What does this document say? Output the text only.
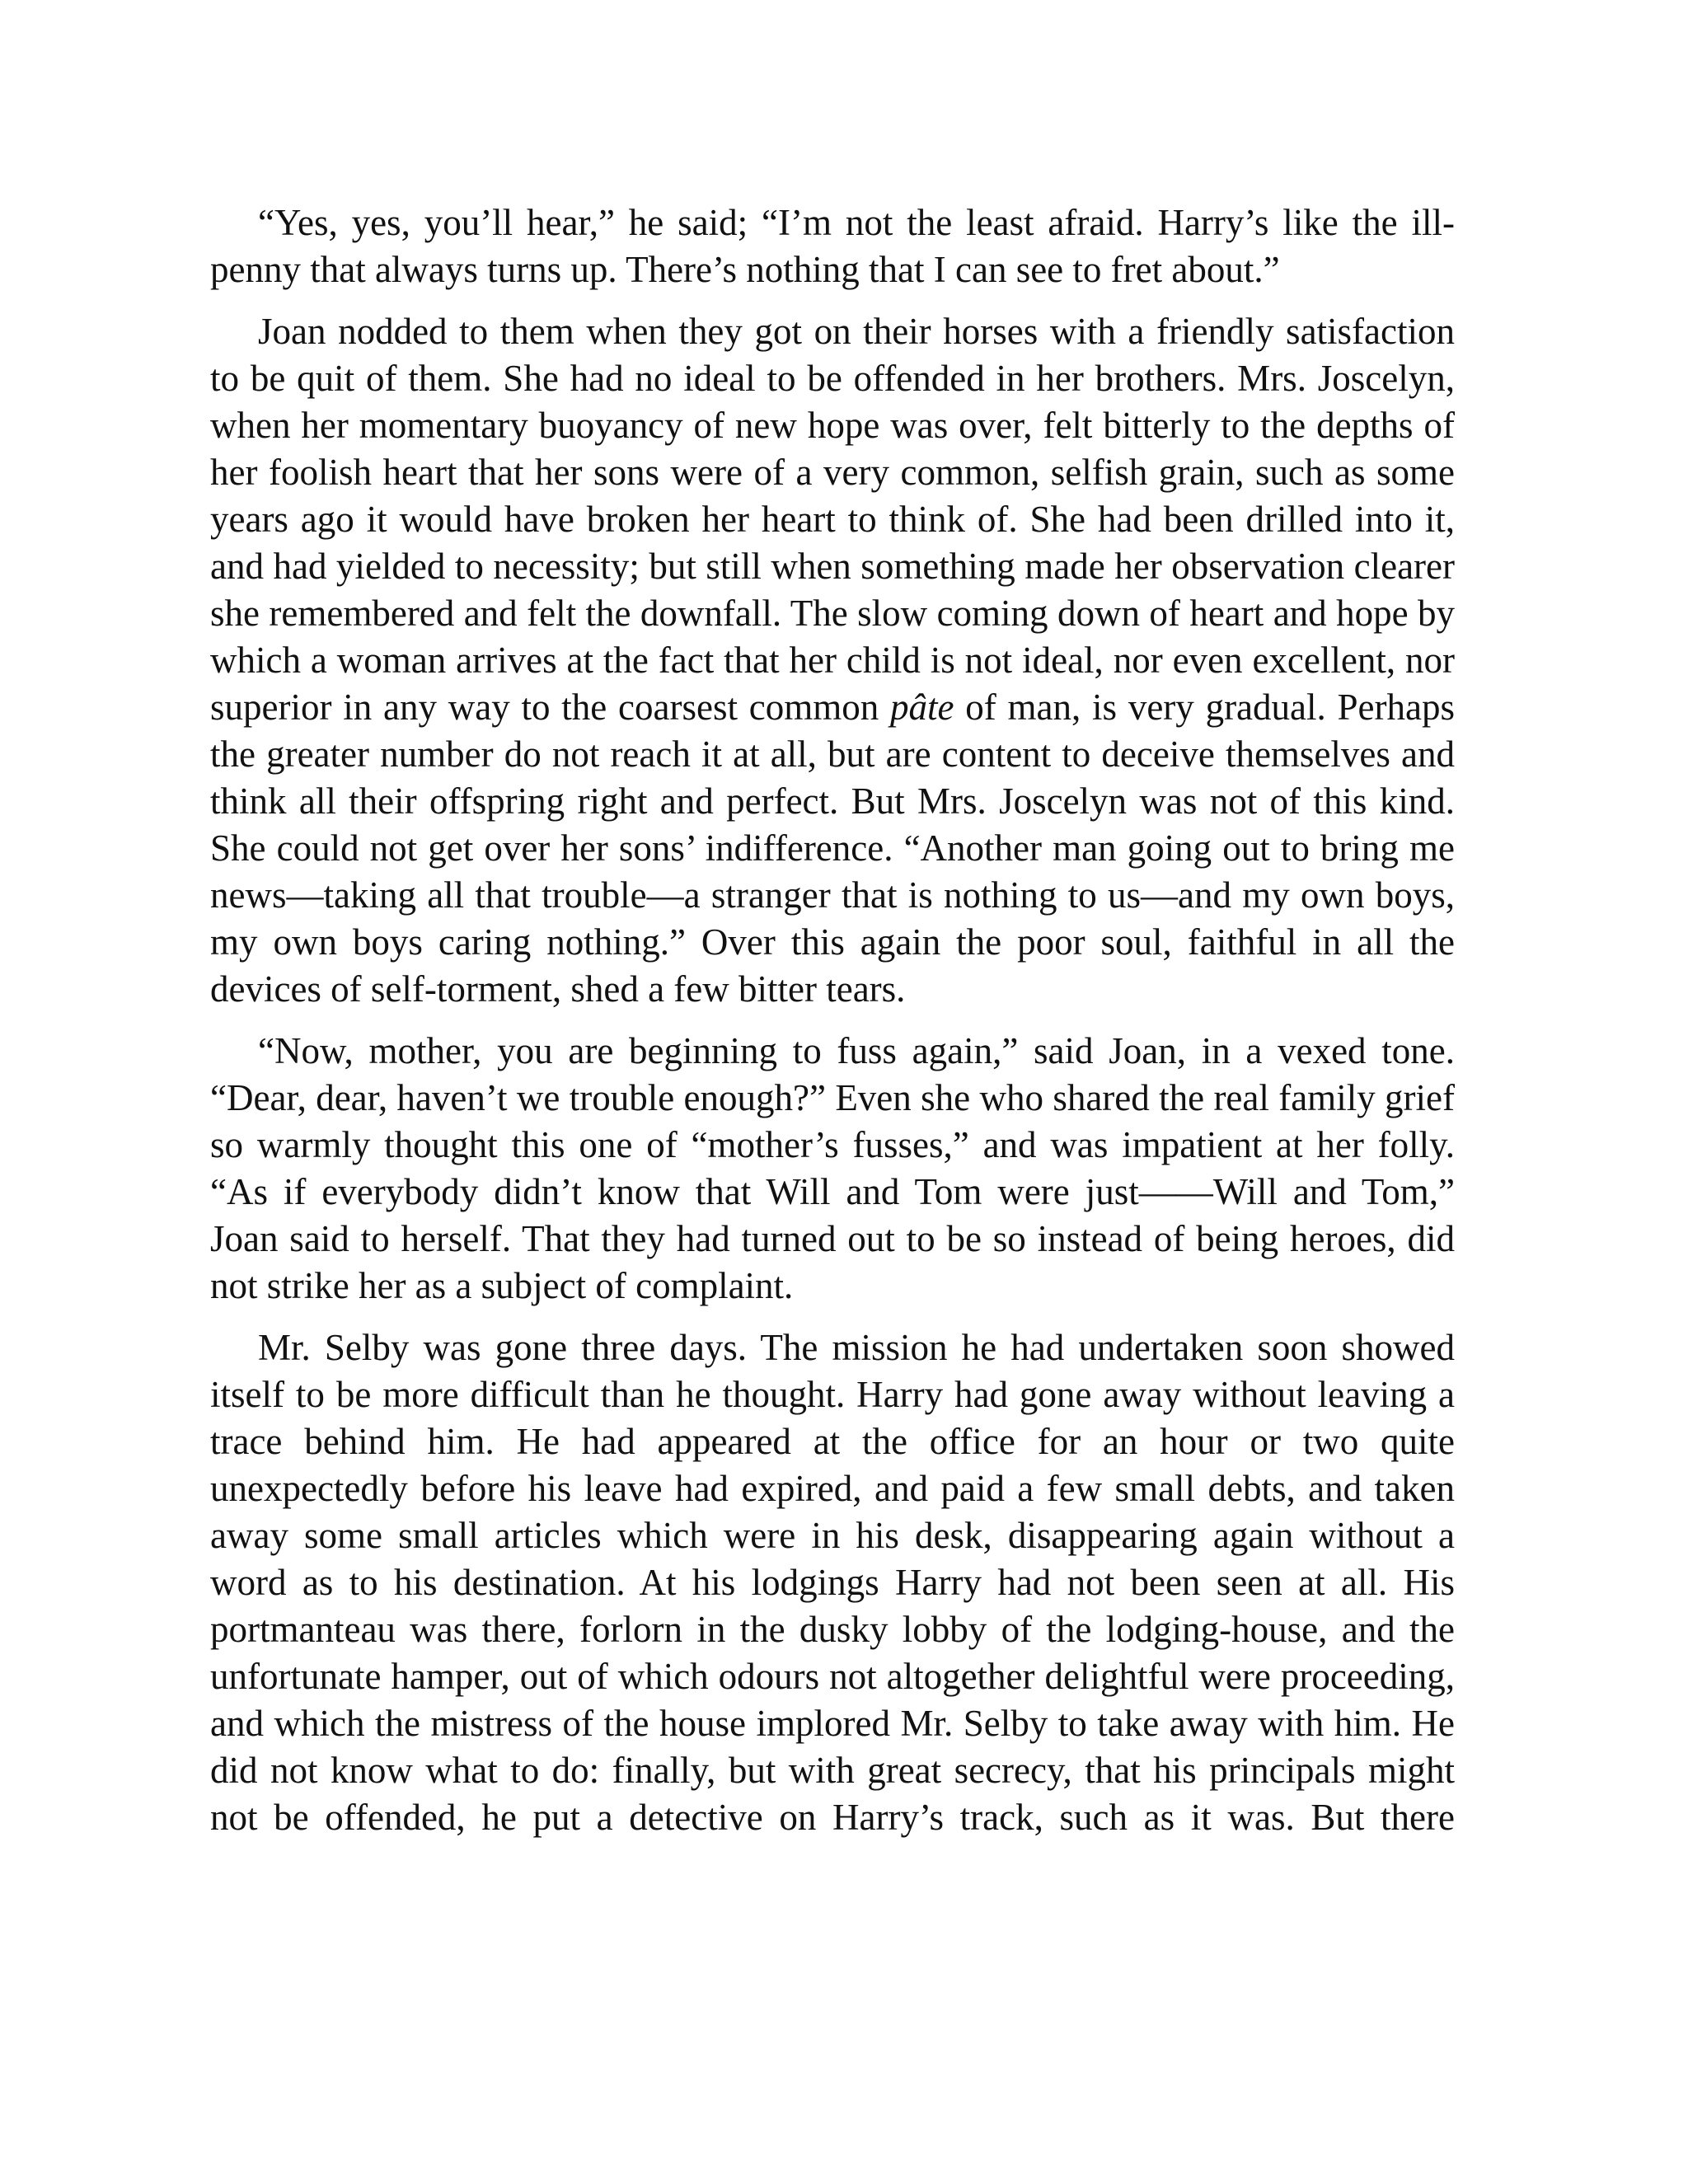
“Yes, yes, you’ll hear,” he said; “I’m not the least afraid. Harry’s like the ill-penny that always turns up. There’s nothing that I can see to fret about.”

Joan nodded to them when they got on their horses with a friendly satisfaction to be quit of them. She had no ideal to be offended in her brothers. Mrs. Joscelyn, when her momentary buoyancy of new hope was over, felt bitterly to the depths of her foolish heart that her sons were of a very common, selfish grain, such as some years ago it would have broken her heart to think of. She had been drilled into it, and had yielded to necessity; but still when something made her observation clearer she remembered and felt the downfall. The slow coming down of heart and hope by which a woman arrives at the fact that her child is not ideal, nor even excellent, nor superior in any way to the coarsest common pâte of man, is very gradual. Perhaps the greater number do not reach it at all, but are content to deceive themselves and think all their offspring right and perfect. But Mrs. Joscelyn was not of this kind. She could not get over her sons’ indifference. “Another man going out to bring me news—taking all that trouble—a stranger that is nothing to us—and my own boys, my own boys caring nothing.” Over this again the poor soul, faithful in all the devices of self-torment, shed a few bitter tears.

“Now, mother, you are beginning to fuss again,” said Joan, in a vexed tone. “Dear, dear, haven’t we trouble enough?” Even she who shared the real family grief so warmly thought this one of “mother’s fusses,” and was impatient at her folly. “As if everybody didn’t know that Will and Tom were just——Will and Tom,” Joan said to herself. That they had turned out to be so instead of being heroes, did not strike her as a subject of complaint.

Mr. Selby was gone three days. The mission he had undertaken soon showed itself to be more difficult than he thought. Harry had gone away without leaving a trace behind him. He had appeared at the office for an hour or two quite unexpectedly before his leave had expired, and paid a few small debts, and taken away some small articles which were in his desk, disappearing again without a word as to his destination. At his lodgings Harry had not been seen at all. His portmanteau was there, forlorn in the dusky lobby of the lodging-house, and the unfortunate hamper, out of which odours not altogether delightful were proceeding, and which the mistress of the house implored Mr. Selby to take away with him. He did not know what to do: finally, but with great secrecy, that his principals might not be offended, he put a detective on Harry’s track, such as it was. But there
